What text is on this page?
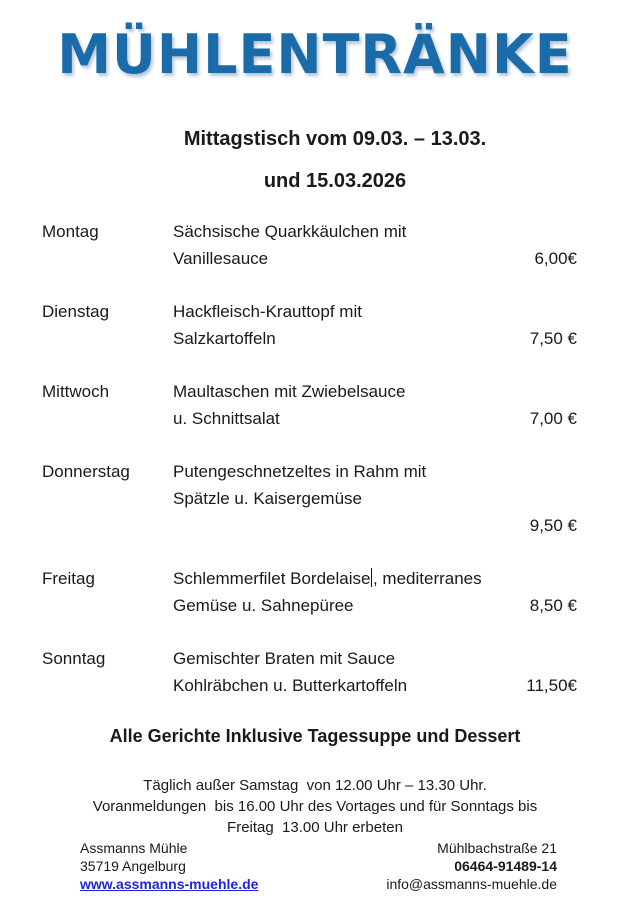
MÜHLENTRÄNKE
Mittagstisch vom 09.03. – 13.03.
und 15.03.2026
Montag	Sächsische Quarkkäulchen mit
Vanillesauce	6,00€
Dienstag	Hackfleisch-Krauttopf mit
Salzkartoffeln	7,50 €
Mittwoch	Maultaschen mit Zwiebelsauce
u. Schnittsalat	7,00 €
Donnerstag	Putengeschnetzeltes in Rahm mit
Spätzle u. Kaisergemüse

9,50 €
Freitag	Schlemmerfilet Bordelaise , mediterranes
Gemüse u. Sahnepüree	8,50 €
Sonntag	Gemischter Braten mit Sauce
Kohlräbchen u. Butterkartoffeln	11,50€
Alle Gerichte Inklusive Tagessuppe und Dessert
Täglich außer Samstag  von 12.00 Uhr – 13.30 Uhr.
Voranmeldungen  bis 16.00 Uhr des Vortages und für Sonntags bis
Freitag  13.00 Uhr erbeten
Assmanns Mühle
35719 Angelburg
www.assmanns-muehle.de
Mühlbachstraße 21
06464-91489-14
info@assmanns-muehle.de
